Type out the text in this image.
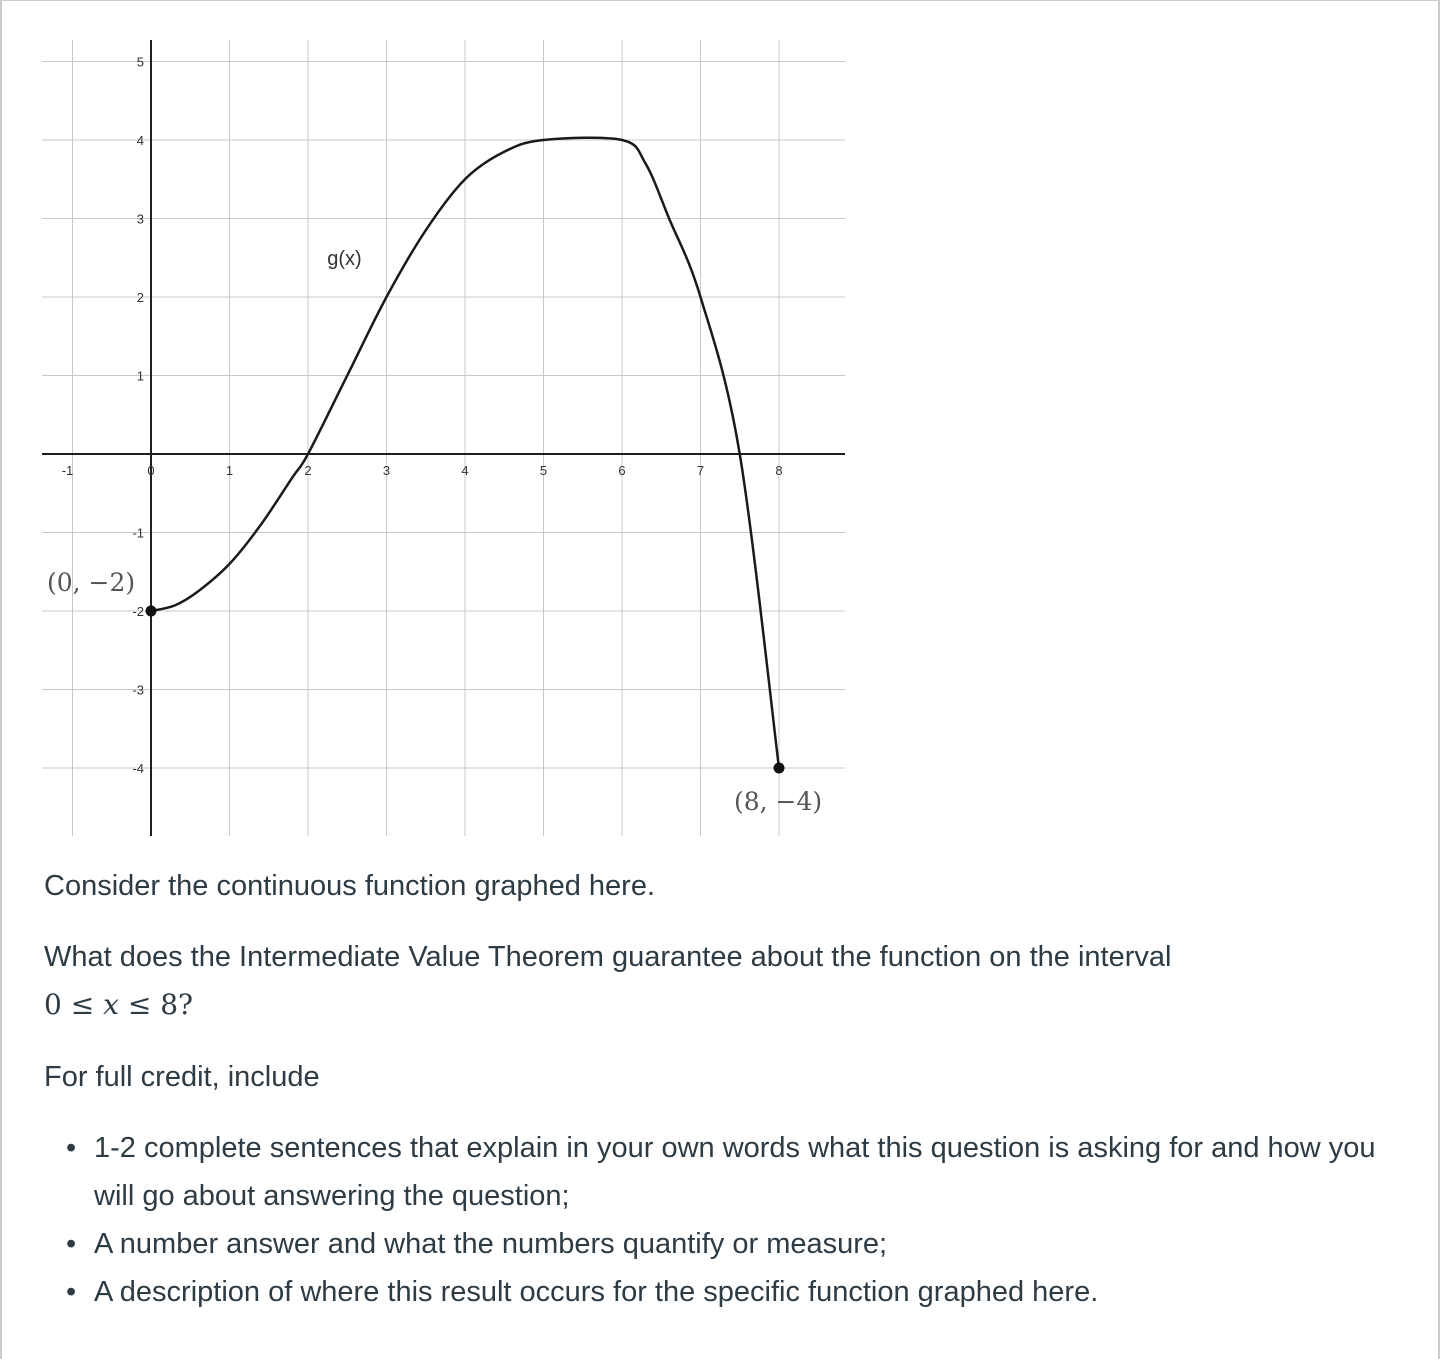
-1	0	1	2	3	4	5	6	7	8
5
4
3
2
1
-1
-2
-3
-4
g(x)
(0, −2)
(8, −4)
Consider the continuous function graphed here.
What does the Intermediate Value Theorem guarantee about the function on the interval
0 ≤ x ≤ 8?
For full credit, include
• 1-2 complete sentences that explain in your own words what this question is asking for and how you will go about answering the question;
• A number answer and what the numbers quantify or measure;
• A description of where this result occurs for the specific function graphed here.
